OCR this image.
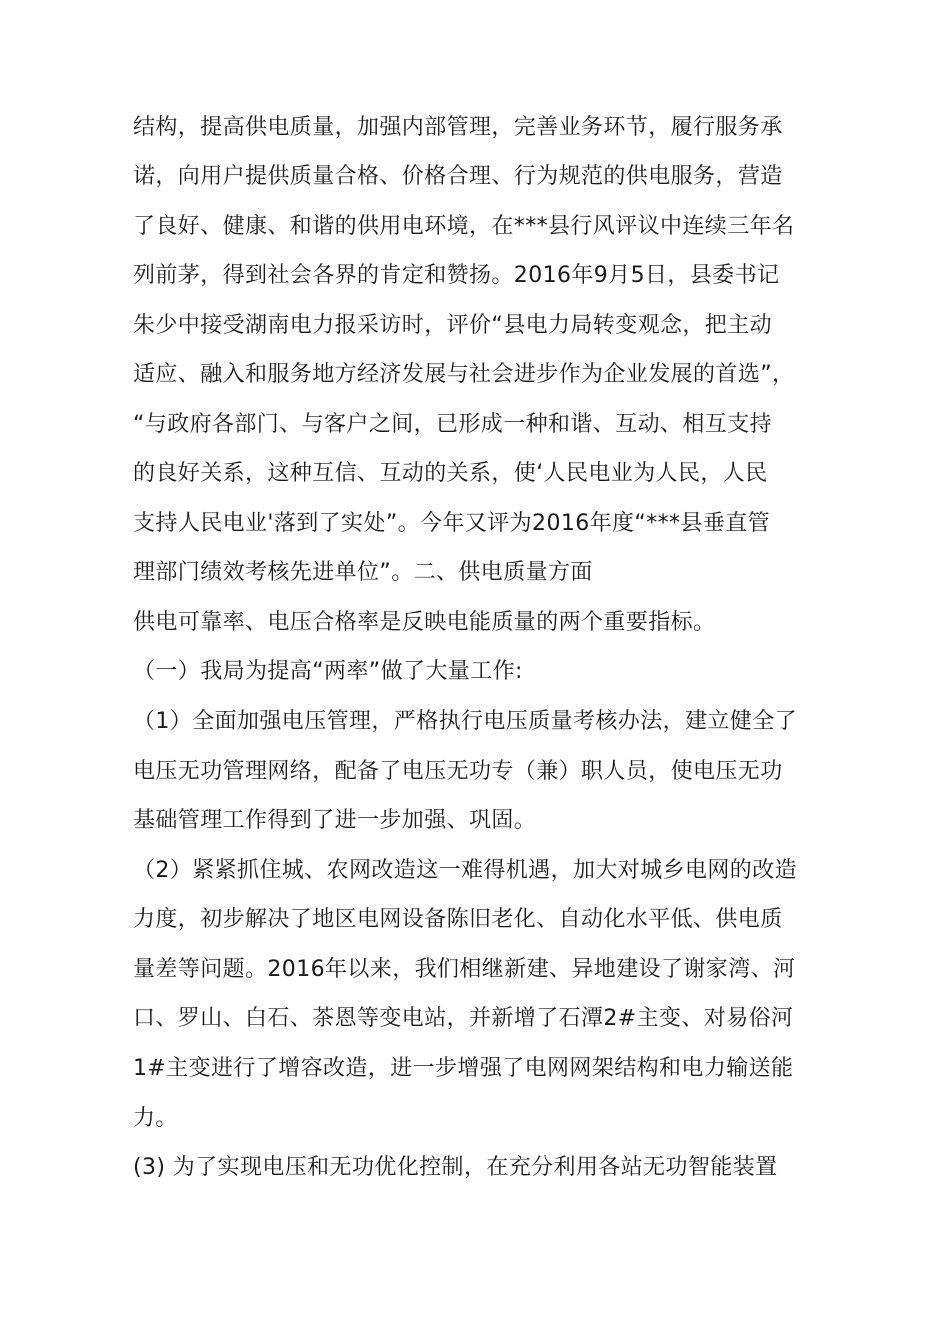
结构，提高供电质量，加强内部管理，完善业务环节，履行服务承
诺，向用户提供质量合格、价格合理、行为规范的供电服务，营造
了良好、健康、和谐的供用电环境，在***县行风评议中连续三年名
列前茅，得到社会各界的肯定和赞扬。2016年9月5日，县委书记
朱少中接受湖南电力报采访时，评价“县电力局转变观念，把主动
适应、融入和服务地方经济发展与社会进步作为企业发展的首选”，
“与政府各部门、与客户之间，已形成一种和谐、互动、相互支持
的良好关系，这种互信、互动的关系，使‘人民电业为人民，人民
支持人民电业'落到了实处”。今年又评为2016年度“***县垂直管
理部门绩效考核先进单位”。二、供电质量方面
供电可靠率、电压合格率是反映电能质量的两个重要指标。
（一）我局为提高“两率”做了大量工作:
（1）全面加强电压管理，严格执行电压质量考核办法，建立健全了
电压无功管理网络，配备了电压无功专（兼）职人员，使电压无功
基础管理工作得到了进一步加强、巩固。
（2）紧紧抓住城、农网改造这一难得机遇，加大对城乡电网的改造
力度，初步解决了地区电网设备陈旧老化、自动化水平低、供电质
量差等问题。2016年以来，我们相继新建、异地建设了谢家湾、河
口、罗山、白石、茶恩等变电站，并新增了石潭2#主变、对易俗河
1#主变进行了增容改造，进一步增强了电网网架结构和电力输送能
力。
(3) 为了实现电压和无功优化控制，在充分利用各站无功智能装置
